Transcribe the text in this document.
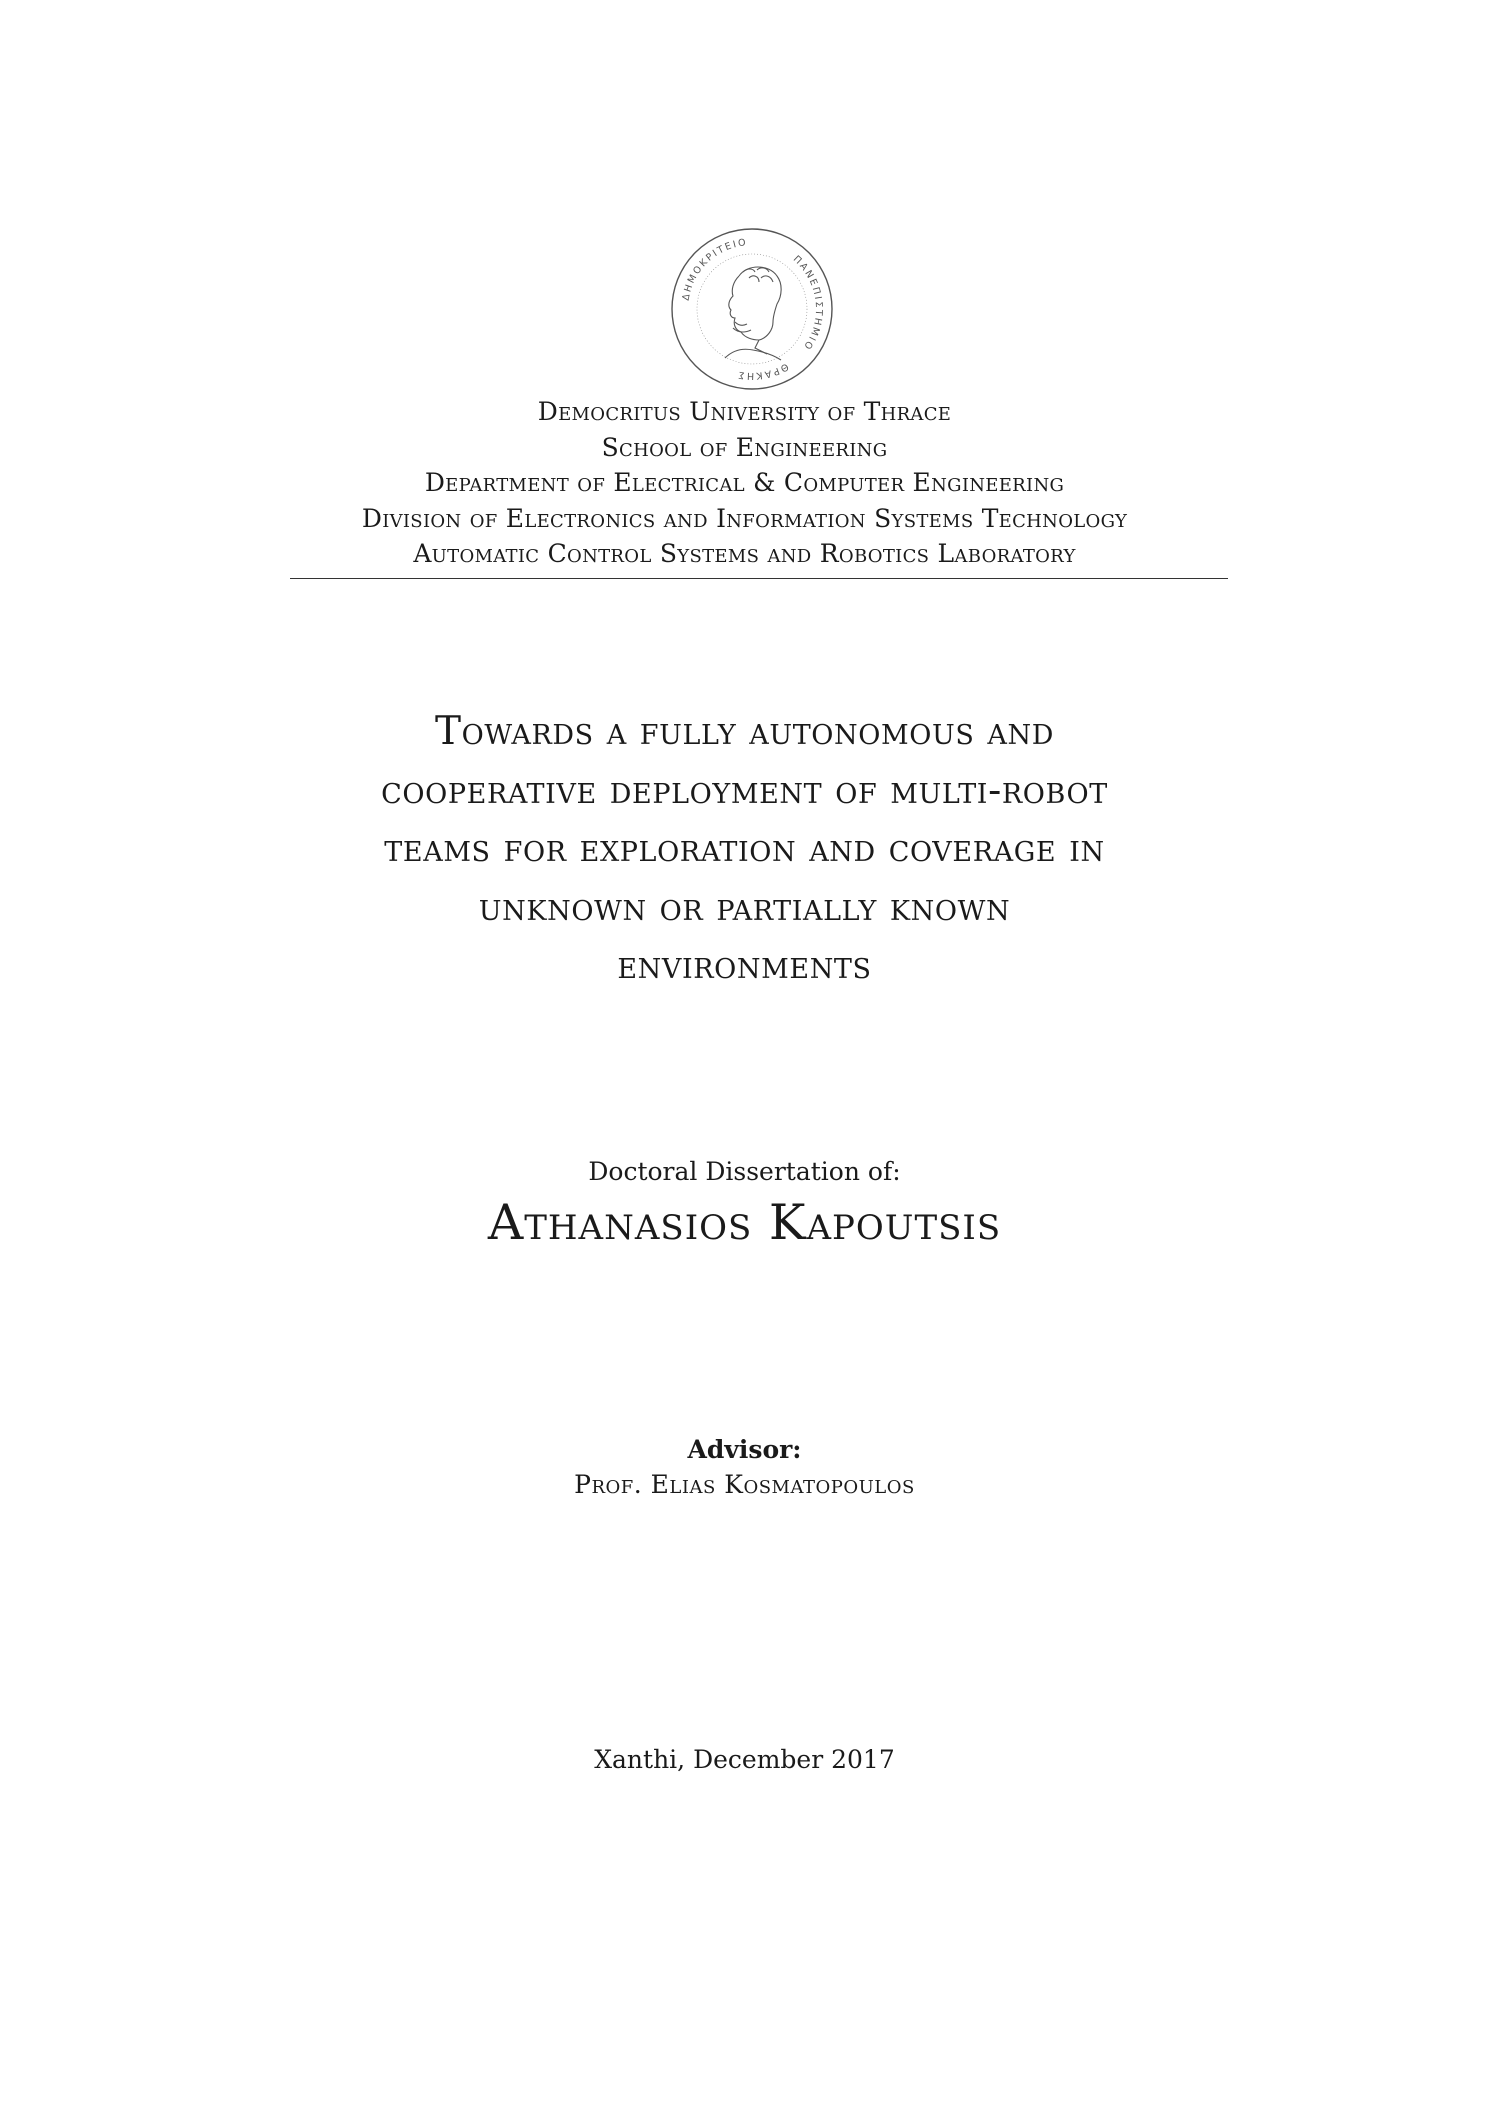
ΔΗΜΟΚΡΙΤΕΙΟ
ΠΑΝΕΠΙΣΤΗΜΙΟ
ΘΡΑΚΗΣ
Democritus University of Thrace
School of Engineering
Department of Electrical & Computer Engineering
Division of Electronics and Information Systems Technology
Automatic Control Systems and Robotics Laboratory
Towards a fully autonomous and
cooperative deployment of multi-robot
teams for exploration and coverage in
unknown or partially known
environments
Doctoral Dissertation of:
Athanasios Kapoutsis
Advisor:
Prof. Elias Kosmatopoulos
Xanthi, December 2017
